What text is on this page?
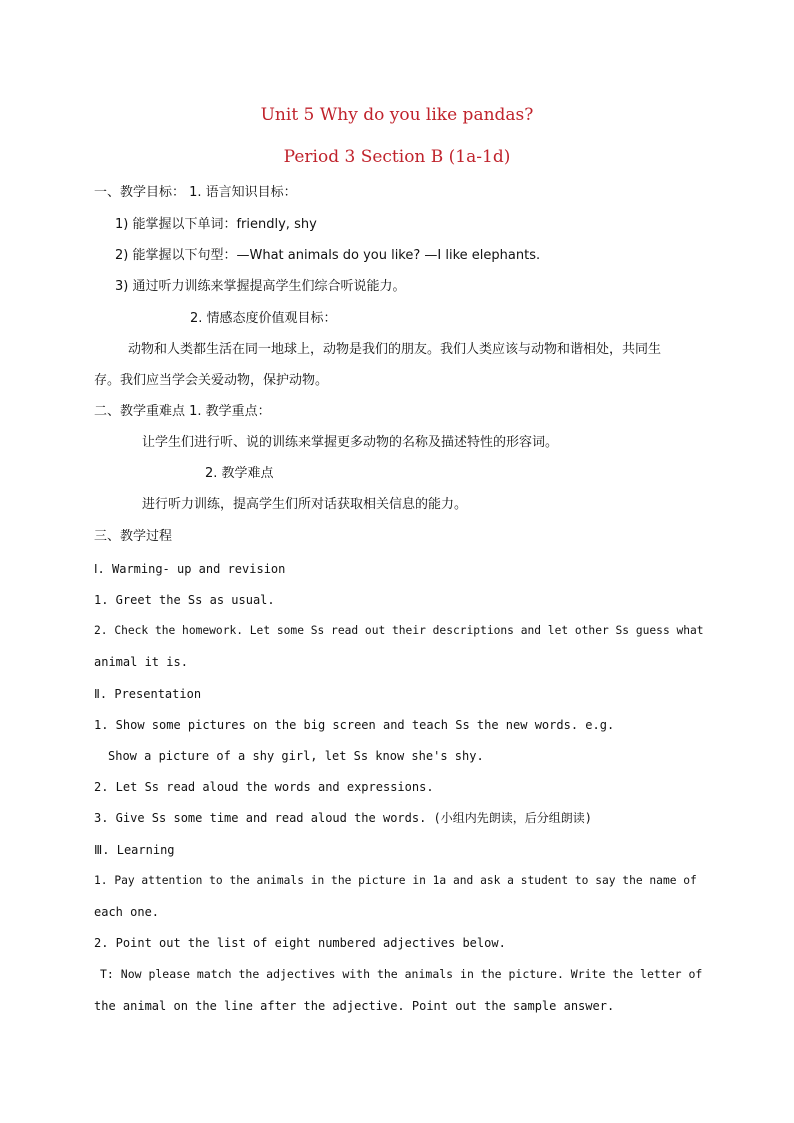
Unit 5 Why do you like pandas?
Period 3 Section B (1a-1d)
一、教学目标： 1. 语言知识目标：
1) 能掌握以下单词：friendly, shy
2) 能掌握以下句型：—What animals do you like? —I like elephants.
3) 通过听力训练来掌握提高学生们综合听说能力。
2. 情感态度价值观目标：
动物和人类都生活在同一地球上，动物是我们的朋友。我们人类应该与动物和谐相处，共同生
存。我们应当学会关爱动物，保护动物。
二、教学重难点 1. 教学重点：
让学生们进行听、说的训练来掌握更多动物的名称及描述特性的形容词。
2. 教学难点
进行听力训练，提高学生们所对话获取相关信息的能力。
三、教学过程
Ⅰ. Warming- up and revision
1. Greet the Ss as usual.
2. Check the homework. Let some Ss read out their descriptions and let other Ss guess what
animal it is.
Ⅱ. Presentation
1. Show some pictures on the big screen and teach Ss the new words. e.g.
Show a picture of a shy girl, let Ss know she's shy.
2. Let Ss read aloud the words and expressions.
3. Give Ss some time and read aloud the words. (小组内先朗读，后分组朗读)
Ⅲ. Learning
1. Pay attention to the animals in the picture in 1a and ask a student to say the name of
each one.
2. Point out the list of eight numbered adjectives below.
T: Now please match the adjectives with the animals in the picture. Write the letter of
the animal on the line after the adjective. Point out the sample answer.
